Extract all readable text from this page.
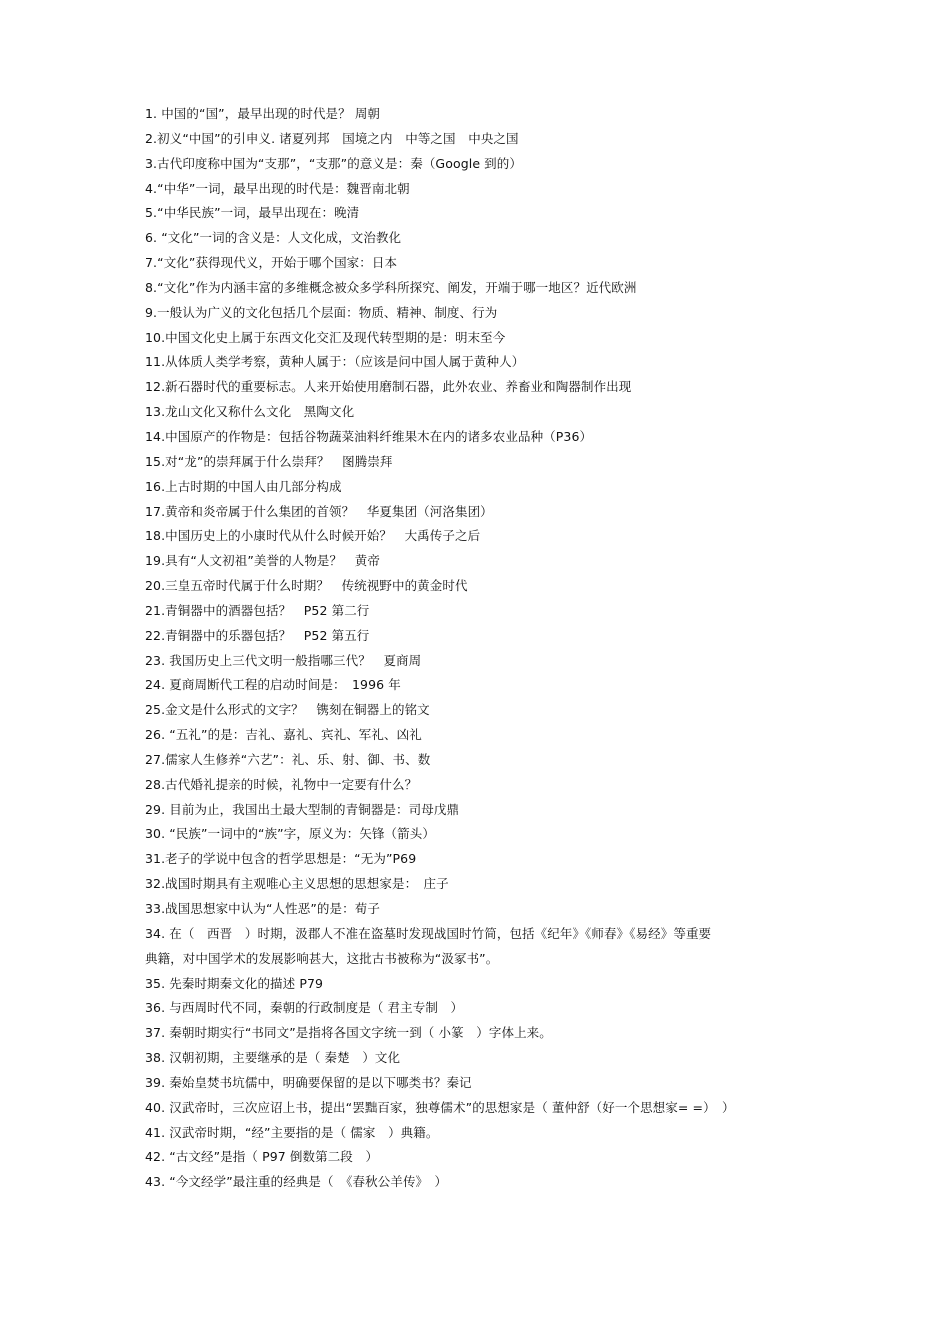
1. 中国的“国”，最早出现的时代是？ 周朝
2.初义“中国”的引申义. 诸夏列邦　国境之内　中等之国　中央之国
3.古代印度称中国为“支那”，“支那”的意义是：秦（Google 到的）
4.“中华”一词，最早出现的时代是：魏晋南北朝
5.“中华民族”一词，最早出现在：晚清
6. “文化”一词的含义是：人文化成，文治教化
7.“文化”获得现代义，开始于哪个国家：日本
8.“文化”作为内涵丰富的多维概念被众多学科所探究、阐发，开端于哪一地区？近代欧洲
9.一般认为广义的文化包括几个层面：物质、精神、制度、行为
10.中国文化史上属于东西文化交汇及现代转型期的是：明末至今
11.从体质人类学考察，黄种人属于：（应该是问中国人属于黄种人）
12.新石器时代的重要标志。人来开始使用磨制石器，此外农业、养畜业和陶器制作出现
13.龙山文化又称什么文化　黑陶文化
14.中国原产的作物是：包括谷物蔬菜油料纤维果木在内的诸多农业品种（P36）
15.对“龙”的崇拜属于什么崇拜？　图腾崇拜
16.上古时期的中国人由几部分构成
17.黄帝和炎帝属于什么集团的首领？　华夏集团（河洛集团）
18.中国历史上的小康时代从什么时候开始？　大禹传子之后
19.具有“人文初祖”美誉的人物是？　黄帝
20.三皇五帝时代属于什么时期？　传统视野中的黄金时代
21.青铜器中的酒器包括？　P52 第二行
22.青铜器中的乐器包括？　P52 第五行
23. 我国历史上三代文明一般指哪三代？　夏商周
24. 夏商周断代工程的启动时间是：　1996 年
25.金文是什么形式的文字？　镌刻在铜器上的铭文
26. “五礼”的是：吉礼、嘉礼、宾礼、军礼、凶礼
27.儒家人生修养“六艺”：礼、乐、射、御、书、数
28.古代婚礼提亲的时候，礼物中一定要有什么？
29. 目前为止，我国出土最大型制的青铜器是：司母戊鼎
30. “民族”一词中的“族”字，原义为：矢锋（箭头）
31.老子的学说中包含的哲学思想是：“无为”P69
32.战国时期具有主观唯心主义思想的思想家是：　庄子
33.战国思想家中认为“人性恶”的是：荀子
34. 在（　西晋　）时期，汲郡人不准在盗墓时发现战国时竹简，包括《纪年》《师春》《易经》等重要
典籍，对中国学术的发展影响甚大，这批古书被称为“汲冢书”。
35. 先秦时期秦文化的描述 P79
36. 与西周时代不同，秦朝的行政制度是（ 君主专制　）
37. 秦朝时期实行“书同文”是指将各国文字统一到（ 小篆　）字体上来。
38. 汉朝初期，主要继承的是（ 秦楚　）文化
39. 秦始皇焚书坑儒中，明确要保留的是以下哪类书？秦记
40. 汉武帝时，三次应诏上书，提出“罢黜百家，独尊儒术”的思想家是（ 董仲舒（好一个思想家= =）　）
41. 汉武帝时期，“经”主要指的是（ 儒家　）典籍。
42. “古文经”是指（ P97 倒数第二段　）
43. “今文经学”最注重的经典是（　《春秋公羊传》　）
